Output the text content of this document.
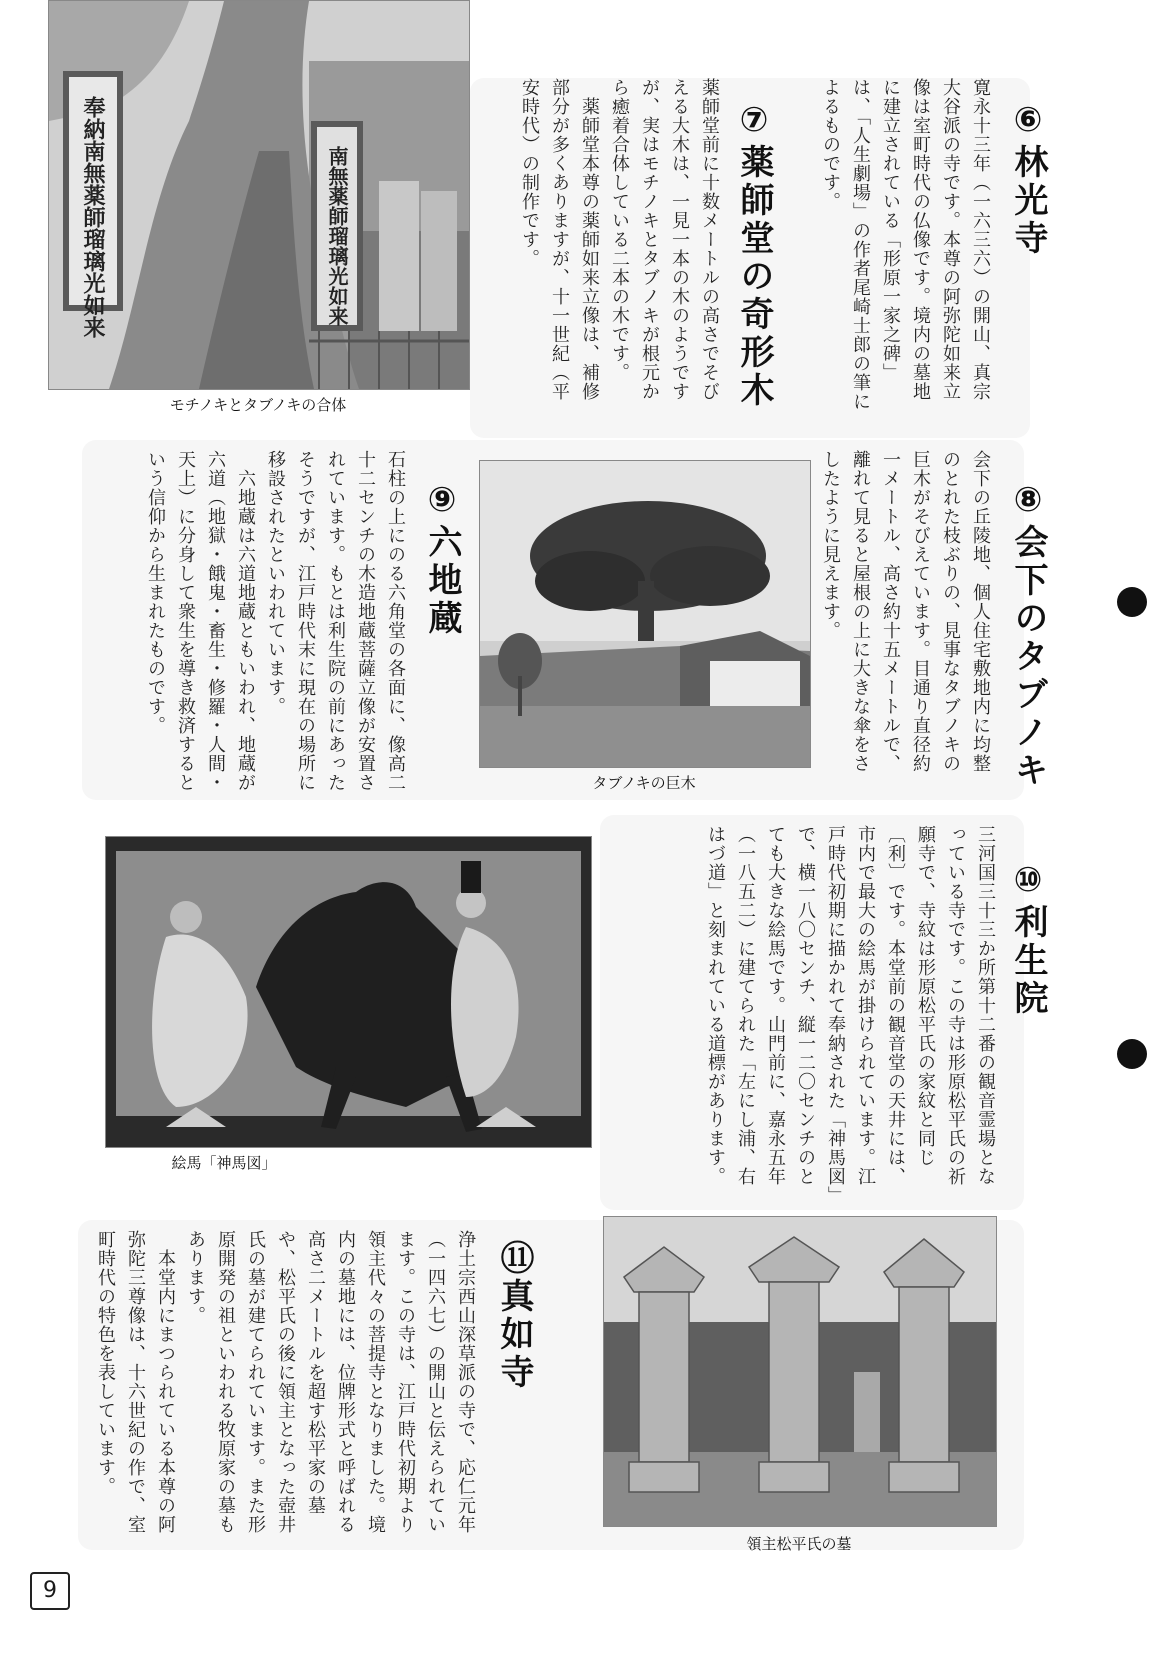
奉納南無薬師瑠璃光如来	南無薬師瑠璃光如来
モチノキとタブノキの合体
⑥林光寺
寛永十三年（一六三六）の開山、真宗大谷派の寺です。本尊の阿弥陀如来立像は室町時代の仏像です。境内の墓地に建立されている「形原一家之碑」は、「人生劇場」の作者尾崎士郎の筆によるものです。
⑦薬師堂の奇形木
薬師堂前に十数メートルの高さでそびえる大木は、一見一本の木のようですが、実はモチノキとタブノキが根元から癒着合体している二本の木です。
　薬師堂本尊の薬師如来立像は、補修部分が多くありますが、十一世紀（平安時代）の制作です。
タブノキの巨木	⑧会下のタブノキ
会下の丘陵地、個人住宅敷地内に均整のとれた枝ぶりの、見事なタブノキの巨木がそびえています。目通り直径約一メートル、高さ約十五メートルで、離れて見ると屋根の上に大きな傘をさしたように見えます。
⑨六地蔵
石柱の上にのる六角堂の各面に、像高二十二センチの木造地蔵菩薩立像が安置されています。もとは利生院の前にあったそうですが、江戸時代末に現在の場所に移設されたといわれています。
　六地蔵は六道地蔵ともいわれ、地蔵が六道（地獄・餓鬼・畜生・修羅・人間・天上）に分身して衆生を導き救済するという信仰から生まれたものです。
絵馬「神馬図」
⑩利生院
三河国三十三か所第十二番の観音霊場となっている寺です。この寺は形原松平氏の祈願寺で、寺紋は形原松平氏の家紋と同じ〔利〕です。本堂前の観音堂の天井には、市内で最大の絵馬が掛けられています。江戸時代初期に描かれて奉納された「神馬図」で、横一八〇センチ、縦一二〇センチのとても大きな絵馬です。山門前に、嘉永五年（一八五二）に建てられた「左にし浦、右はづ道」と刻まれている道標があります。
領主松平氏の墓
⑪真如寺
浄土宗西山深草派の寺で、応仁元年（一四六七）の開山と伝えられています。この寺は、江戸時代初期より領主代々の菩提寺となりました。境内の墓地には、位牌形式と呼ばれる高さ二メートルを超す松平家の墓や、松平氏の後に領主となった壺井氏の墓が建てられています。また形原開発の祖といわれる牧原家の墓もあります。
　本堂内にまつられている本尊の阿弥陀三尊像は、十六世紀の作で、室町時代の特色を表しています。
9
